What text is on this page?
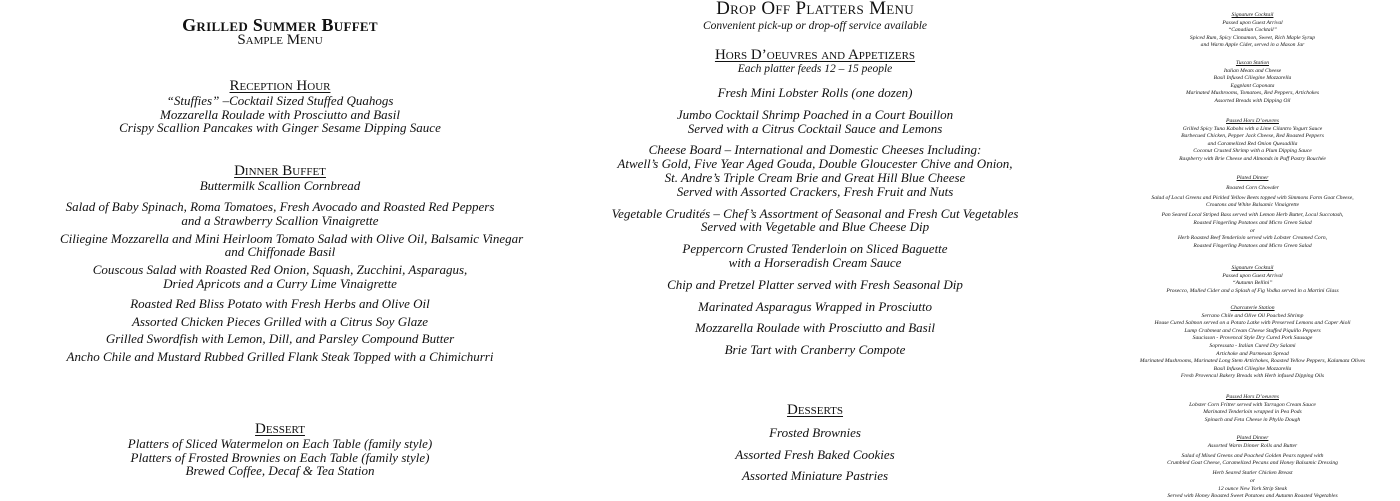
Grilled Summer Buffet
Sample Menu
Reception Hour
“Stuffies” –Cocktail Sized Stuffed Quahogs
Mozzarella Roulade with Prosciutto and Basil
Crispy Scallion Pancakes with Ginger Sesame Dipping Sauce
Dinner Buffet
Buttermilk Scallion Cornbread
Salad of Baby Spinach, Roma Tomatoes, Fresh Avocado and Roasted Red Peppers
and a Strawberry Scallion Vinaigrette
Ciliegine Mozzarella and Mini Heirloom Tomato Salad with Olive Oil, Balsamic Vinegar
and Chiffonade Basil
Couscous Salad with Roasted Red Onion, Squash, Zucchini, Asparagus,
Dried Apricots and a Curry Lime Vinaigrette
Roasted Red Bliss Potato with Fresh Herbs and Olive Oil
Assorted Chicken Pieces Grilled with a Citrus Soy Glaze
Grilled Swordfish with Lemon, Dill, and Parsley Compound Butter
Ancho Chile and Mustard Rubbed Grilled Flank Steak Topped with a Chimichurri
Dessert
Platters of Sliced Watermelon on Each Table (family style)
Platters of Frosted Brownies on Each Table (family style)
Brewed Coffee, Decaf & Tea Station
Drop Off Platters Menu
Convenient pick-up or drop-off service available
Hors D’oeuvres and Appetizers
Each platter feeds 12 – 15 people
Fresh Mini Lobster Rolls (one dozen)
Jumbo Cocktail Shrimp Poached in a Court Bouillon
Served with a Citrus Cocktail Sauce and Lemons
Cheese Board – International and Domestic Cheeses Including:
Atwell’s Gold, Five Year Aged Gouda, Double Gloucester Chive and Onion,
St. Andre’s Triple Cream Brie and Great Hill Blue Cheese
Served with Assorted Crackers, Fresh Fruit and Nuts
Vegetable Crudités – Chef’s Assortment of Seasonal and Fresh Cut Vegetables
Served with Vegetable and Blue Cheese Dip
Peppercorn Crusted Tenderloin on Sliced Baguette
with a Horseradish Cream Sauce
Chip and Pretzel Platter served with Fresh Seasonal Dip
Marinated Asparagus Wrapped in Prosciutto
Mozzarella Roulade with Prosciutto and Basil
Brie Tart with Cranberry Compote
Desserts
Frosted Brownies
Assorted Fresh Baked Cookies
Assorted Miniature Pastries
Signature Cocktail
Passed upon Guest Arrival
“Canadian Cocktail”
Spiced Rum, Spicy Cinnamon, Sweet, Rich Maple Syrup
and Warm Apple Cider, served in a Mason Jar
Tuscan Station
Italian Meats and Cheese
Basil Infused Ciliegine Mozzarella
Eggplant Caponata
Marinated Mushrooms, Tomatoes, Red Peppers, Artichokes
Assorted Breads with Dipping Oil
Passed Hors D’oeuvres
Grilled Spicy Tuna Kabobs with a Lime Cilantro Yogurt Sauce
Barbecued Chicken, Pepper Jack Cheese, Red Roasted Peppers
and Caramelized Red Onion Quesadilla
Coconut Crusted Shrimp with a Plum Dipping Sauce
Raspberry with Brie Cheese and Almonds in Puff Pastry Bouchée
Plated Dinner
Roasted Corn Chowder
Salad of Local Greens and Pickled Yellow Beets topped with Simmons Farm Goat Cheese,
Croutons and White Balsamic Vinaigrette
Pan Seared Local Striped Bass served with Lemon Herb Butter, Local Succotash,
Roasted Fingerling Potatoes and Micro Green Salad
or
Herb Roasted Beef Tenderloin served with Lobster Creamed Corn,
Roasted Fingerling Potatoes and Micro Green Salad
Signature Cocktail
Passed upon Guest Arrival
“Autumn Bellini”
Prosecco, Mulled Cider and a Splash of Fig Vodka served in a Martini Glass
Charcuterie Station
Serrano Chile and Olive Oil Poached Shrimp
House Cured Salmon served on a Potato Latke with Preserved Lemons and Caper Aioli
Lump Crabmeat and Cream Cheese Stuffed Piquillo Peppers
Saucisson - Provencal Style Dry Cured Pork Sausage
Sopressata - Italian Cured Dry Salami
Artichoke and Parmesan Spread
Marinated Mushrooms, Marinated Long Stem Artichokes, Roasted Yellow Peppers, Kalamata Olives
Basil Infused Ciliegine Mozzarella
Fresh Provencal Bakery Breads with Herb infused Dipping Oils
Passed Hors D’oeuvres
Lobster Corn Fritter served with Tarragon Cream Sauce
Marinated Tenderloin wrapped in Pea Pods
Spinach and Feta Cheese in Phyllo Dough
Plated Dinner
Assorted Warm Dinner Rolls and Butter
Salad of Mixed Greens and Poached Golden Pears topped with
Crumbled Goat Cheese, Caramelized Pecans and Honey Balsamic Dressing
Herb Seared Statler Chicken Breast
or
12 ounce New York Strip Steak
Served with Honey Roasted Sweet Potatoes and Autumn Roasted Vegetables
